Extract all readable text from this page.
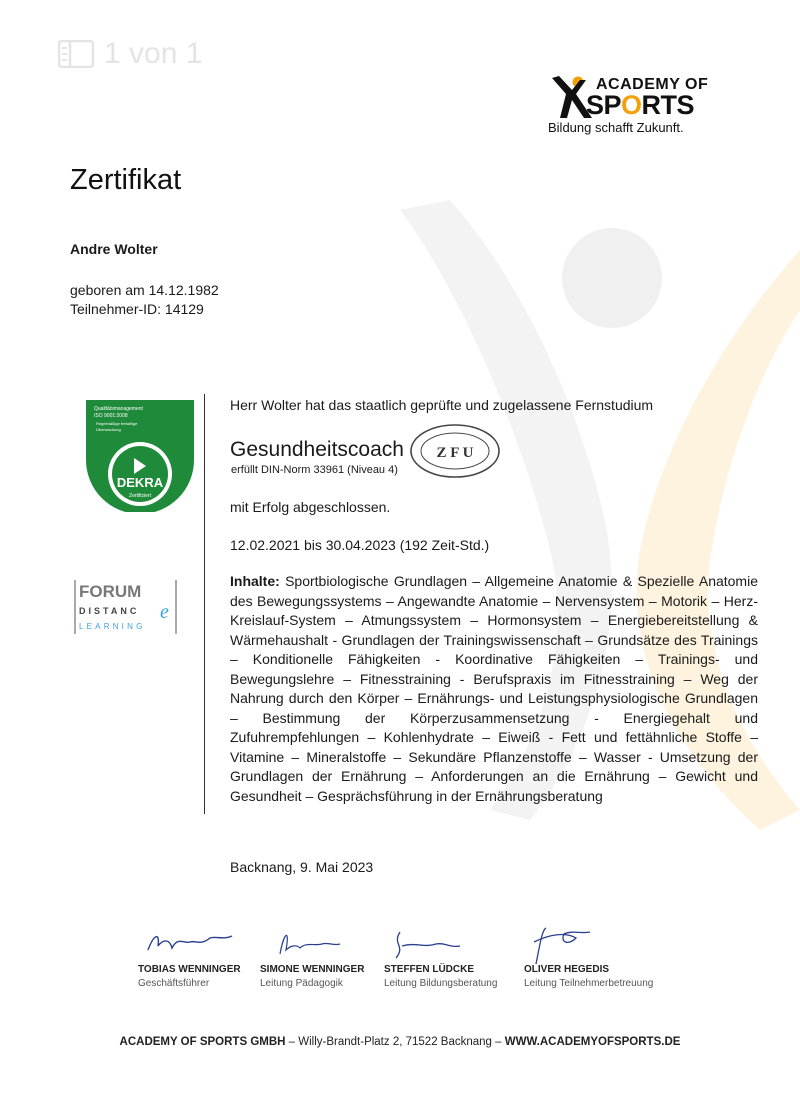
1 von 1
ACADEMY OF
SPORTS
Bildung schafft Zukunft.
Zertifikat
Andre Wolter
geboren am 14.12.1982
Teilnehmer-ID: 14129
Qualitätsmanagement
ISO 9001:2008
Regelmäßige freiwillige
Überwachung
DEKRA
Zertifiziert
FORUM
DISTANC e
LEARNING
Herr Wolter hat das staatlich geprüfte und zugelassene Fernstudium
Gesundheitscoach
erfüllt DIN-Norm 33961 (Niveau 4)
Z F U
mit Erfolg abgeschlossen.
12.02.2021 bis 30.04.2023 (192 Zeit-Std.)
Inhalte: Sportbiologische Grundlagen – Allgemeine Anatomie & Spezielle Anatomie des Bewegungssystems – Angewandte Anatomie – Nervensystem – Motorik – Herz-Kreislauf-System – Atmungssystem – Hormonsystem – Energiebereitstellung & Wärmehaushalt - Grundlagen der Trainingswissenschaft – Grundsätze des Trainings – Konditionelle Fähigkeiten - Koordinative Fähigkeiten – Trainings- und Bewegungslehre – Fitnesstraining - Berufspraxis im Fitnesstraining – Weg der Nahrung durch den Körper – Ernährungs- und Leistungsphysiologische Grundlagen – Bestimmung der Körperzusammensetzung - Energiegehalt und Zufuhrempfehlungen – Kohlenhydrate – Eiweiß - Fett und fettähnliche Stoffe – Vitamine – Mineralstoffe – Sekundäre Pflanzenstoffe – Wasser - Umsetzung der Grundlagen der Ernährung – Anforderungen an die Ernährung – Gewicht und Gesundheit – Gesprächsführung in der Ernährungsberatung
Backnang, 9. Mai 2023
TOBIAS WENNINGER
Geschäftsführer
SIMONE WENNINGER
Leitung Pädagogik
STEFFEN LÜDCKE
Leitung Bildungsberatung
OLIVER HEGEDIS
Leitung Teilnehmerbetreuung
ACADEMY OF SPORTS GMBH – Willy-Brandt-Platz 2, 71522 Backnang – WWW.ACADEMYOFSPORTS.DE
